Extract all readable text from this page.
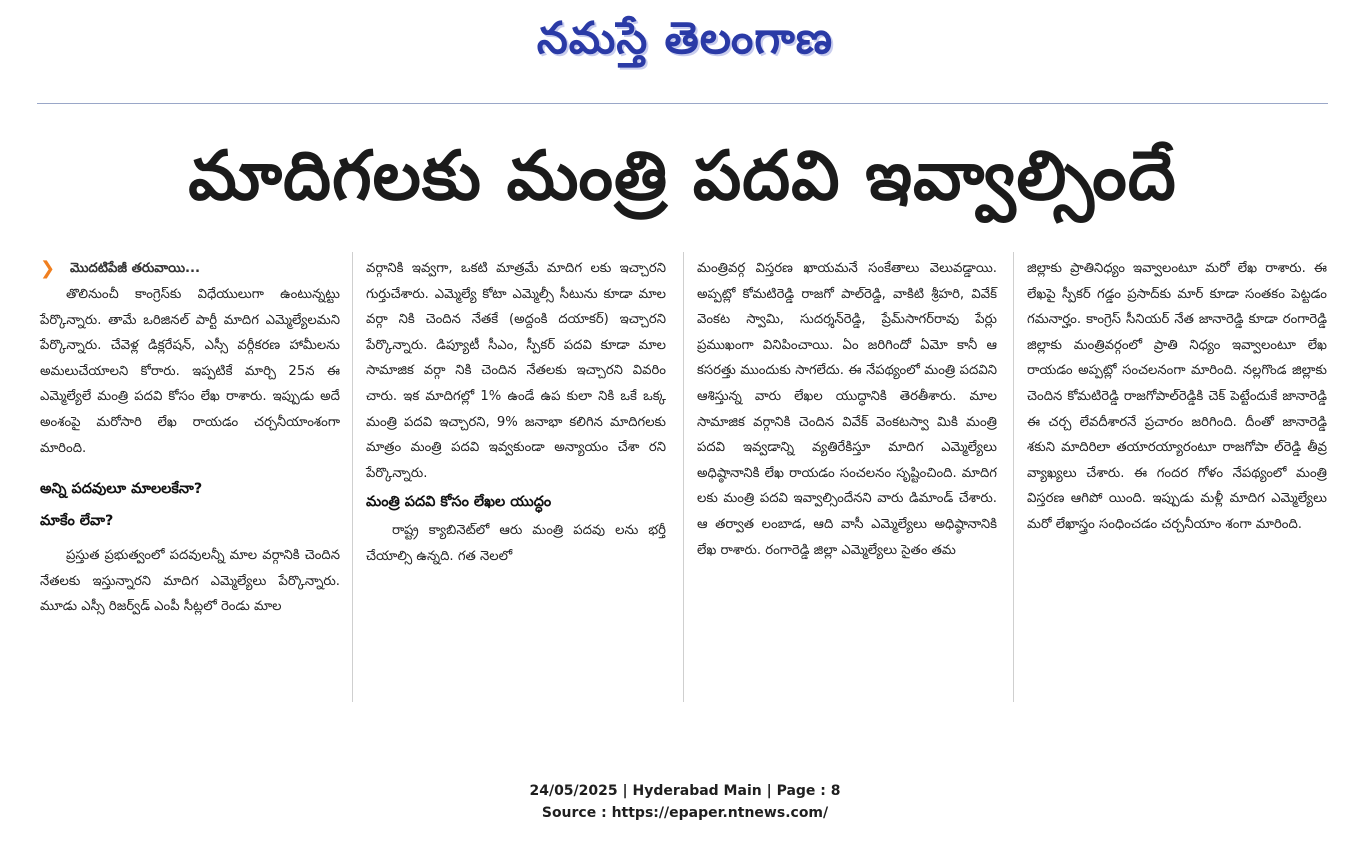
నమస్తే తెలంగాణ
మాదిగలకు మంత్రి పదవి ఇవ్వాల్సిందే
❯	మొదటిపేజీ తరువాయి...

తొలినుంచీ కాంగ్రెస్‌కు విధేయులుగా ఉంటున్నట్టు పేర్కొన్నారు. తామే ఒరిజినల్ పార్టీ మాదిగ ఎమ్మెల్యేలమని పేర్కొన్నారు. చేవెళ్ల డిక్లరేషన్, ఎస్సీ వర్గీకరణ హామీలను అమలుచేయాలని కోరారు. ఇప్పటికే మార్చి 25న ఈ ఎమ్మెల్యేలే మంత్రి పదవి కోసం లేఖ రాశారు. ఇప్పుడు అదే అంశంపై మరోసారి లేఖ రాయడం చర్చనీయాంశంగా మారింది.

అన్ని పదవులూ మాలలకేనా?

మాకేం లేవా?

ప్రస్తుత ప్రభుత్వంలో పదవులన్నీ మాల వర్గానికి చెందిన నేతలకు ఇస్తున్నారని మాదిగ ఎమ్మెల్యేలు పేర్కొన్నారు. మూడు ఎస్సీ రిజర్వ్‌డ్ ఎంపీ సీట్లలో రెండు మాల

వర్గానికి ఇవ్వగా, ఒకటి మాత్రమే మాదిగ లకు ఇచ్చారని గుర్తుచేశారు. ఎమ్మెల్యే కోటా ఎమ్మెల్సీ సీటును కూడా మాల వర్గా నికి చెందిన నేతకే (అద్దంకి దయాకర్) ఇచ్చారని పేర్కొన్నారు. డిప్యూటీ సీఎం, స్పీకర్ పదవి కూడా మాల సామాజిక వర్గా నికి చెందిన నేతలకు ఇచ్చారని వివరిం చారు. ఇక మాదిగల్లో 1% ఉండే ఉప కులా నికి ఒకే ఒక్క మంత్రి పదవి ఇచ్చారని, 9% జనాభా కలిగిన మాదిగలకు మాత్రం మంత్రి పదవి ఇవ్వకుండా అన్యాయం చేశా రని పేర్కొన్నారు.

మంత్రి పదవి కోసం లేఖల యుద్ధం

రాష్ట్ర క్యాబినెట్‌లో ఆరు మంత్రి పదవు లను భర్తీ చేయాల్సి ఉన్నది. గత నెలలో

మంత్రివర్గ విస్తరణ ఖాయమనే సంకేతాలు వెలువడ్డాయి. అప్పట్లో కోమటిరెడ్డి రాజగో పాల్‌రెడ్డి, వాకిటి శ్రీహరి, వివేక్ వెంకట స్వామి, సుదర్శన్‌రెడ్డి, ప్రేమ్‌సాగర్‌రావు పేర్లు ప్రముఖంగా వినిపించాయి. ఏం జరిగిందో ఏమో కానీ ఆ కసరత్తు ముందుకు సాగలేదు. ఈ నేపథ్యంలో మంత్రి పదవిని ఆశిస్తున్న వారు లేఖల యుద్ధానికి తెరతీశారు. మాల సామాజిక వర్గానికి చెందిన వివేక్ వెంకటస్వా మికి మంత్రి పదవి ఇవ్వడాన్ని వ్యతిరేకిస్తూ మాదిగ ఎమ్మెల్యేలు అధిష్ఠానానికి లేఖ రాయడం సంచలనం సృష్టించింది. మాదిగ లకు మంత్రి పదవి ఇవ్వాల్సిందేనని వారు డిమాండ్ చేశారు. ఆ తర్వాత లంబాడ, ఆది వాసీ ఎమ్మెల్యేలు అధిష్ఠానానికి లేఖ రాశారు. రంగారెడ్డి జిల్లా ఎమ్మెల్యేలు సైతం తమ

జిల్లాకు ప్రాతినిధ్యం ఇవ్వాలంటూ మరో లేఖ రాశారు. ఈ లేఖపై స్పీకర్ గడ్డం ప్రసాద్‌కు మార్ కూడా సంతకం పెట్టడం గమనార్హం. కాంగ్రెస్ సీనియర్ నేత జానారెడ్డి కూడా రంగారెడ్డి జిల్లాకు మంత్రివర్గంలో ప్రాతి నిధ్యం ఇవ్వాలంటూ లేఖ రాయడం అప్పట్లో సంచలనంగా మారింది. నల్లగొండ జిల్లాకు చెందిన కోమటిరెడ్డి రాజగోపాల్‌రెడ్డికి చెక్ పెట్టేందుకే జానారెడ్డి ఈ చర్చ లేవదీశారనే ప్రచారం జరిగింది. దీంతో జానారెడ్డి శకుని మాదిరిలా తయారయ్యారంటూ రాజగోపా ల్‌రెడ్డి తీవ్ర వ్యాఖ్యలు చేశారు. ఈ గందర గోళం నేపథ్యంలో మంత్రి విస్తరణ ఆగిపో యింది. ఇప్పుడు మళ్లీ మాదిగ ఎమ్మెల్యేలు మరో లేఖాస్త్రం సంధించడం చర్చనీయాం శంగా మారింది.

24/05/2025 | Hyderabad Main | Page : 8
Source : https://epaper.ntnews.com/
